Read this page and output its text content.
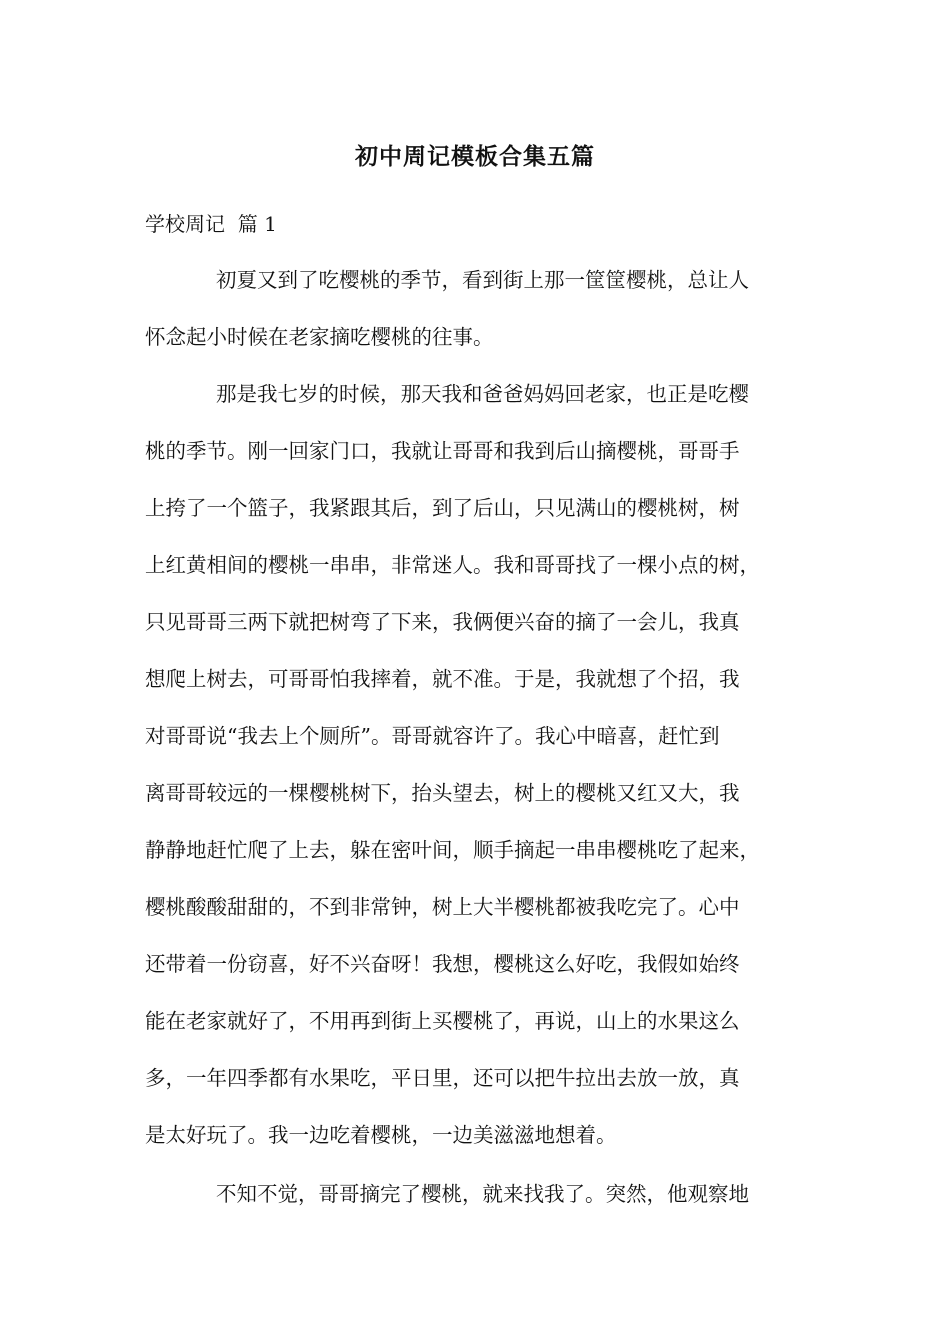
初中周记模板合集五篇
学校周记  篇 1
初夏又到了吃樱桃的季节，看到街上那一筐筐樱桃，总让人
怀念起小时候在老家摘吃樱桃的往事。
那是我七岁的时候，那天我和爸爸妈妈回老家，也正是吃樱
桃的季节。刚一回家门口，我就让哥哥和我到后山摘樱桃，哥哥手
上挎了一个篮子，我紧跟其后，到了后山，只见满山的樱桃树，树
上红黄相间的樱桃一串串，非常迷人。我和哥哥找了一棵小点的树，
只见哥哥三两下就把树弯了下来，我俩便兴奋的摘了一会儿，我真
想爬上树去，可哥哥怕我摔着，就不准。于是，我就想了个招，我
对哥哥说“我去上个厕所”。哥哥就容许了。我心中暗喜，赶忙到
离哥哥较远的一棵樱桃树下，抬头望去，树上的樱桃又红又大，我
静静地赶忙爬了上去，躲在密叶间，顺手摘起一串串樱桃吃了起来，
樱桃酸酸甜甜的，不到非常钟，树上大半樱桃都被我吃完了。心中
还带着一份窃喜，好不兴奋呀！我想，樱桃这么好吃，我假如始终
能在老家就好了，不用再到街上买樱桃了，再说，山上的水果这么
多，一年四季都有水果吃，平日里，还可以把牛拉出去放一放，真
是太好玩了。我一边吃着樱桃，一边美滋滋地想着。
不知不觉，哥哥摘完了樱桃，就来找我了。突然，他观察地
